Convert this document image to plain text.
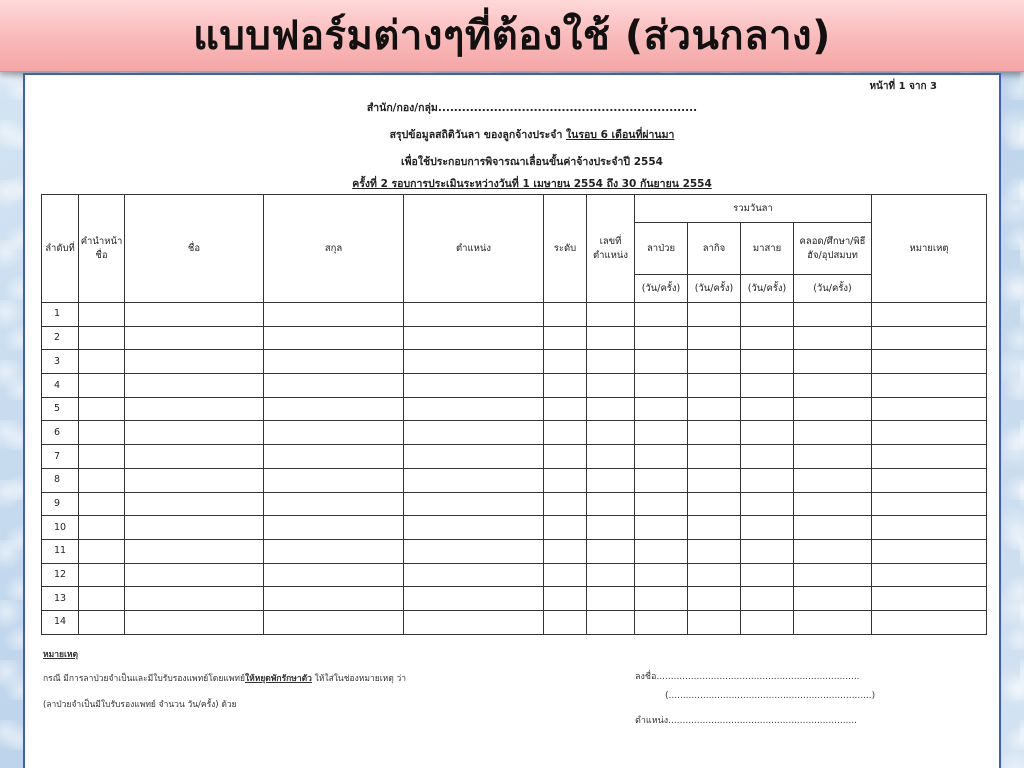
แบบฟอร์มต่างๆที่ต้องใช้ (ส่วนกลาง)
หน้าที่ 1 จาก 3
สำนัก/กอง/กลุ่ม.................................................................
สรุปข้อมูลสถิติวันลา ของลูกจ้างประจำ ในรอบ 6 เดือนที่ผ่านมา
เพื่อใช้ประกอบการพิจารณาเลื่อนขั้นค่าจ้างประจำปี 2554
ครั้งที่ 2 รอบการประเมินระหว่างวันที่ 1 เมษายน 2554 ถึง 30 กันยายน 2554
ลำดับที่	คำนำหน้าชื่อ	ชื่อ	สกุล	ตำแหน่ง	ระดับ	เลขที่ตำแหน่ง	รวมวันลา				หมายเหตุ
							ลาป่วย	ลากิจ	มาสาย	คลอด/ศึกษา/พิธีฮัจ/อุปสมบท	
							(วัน/ครั้ง)	(วัน/ครั้ง)	(วัน/ครั้ง)	(วัน/ครั้ง)	
1											
2											
3											
4											
5											
6											
7											
8											
9											
10											
11											
12											
13											
14											
หมายเหตุ
กรณี มีการลาป่วยจำเป็นและมีใบรับรองแพทย์โดยแพทย์ให้หยุดพักรักษาตัว ให้ใส่ในช่องหมายเหตุ ว่า
(ลาป่วยจำเป็นมีใบรับรองแพทย์ จำนวน วัน/ครั้ง) ด้วย
ลงชื่อ.......................................................................
(.......................................................................)
ตำแหน่ง..................................................................
